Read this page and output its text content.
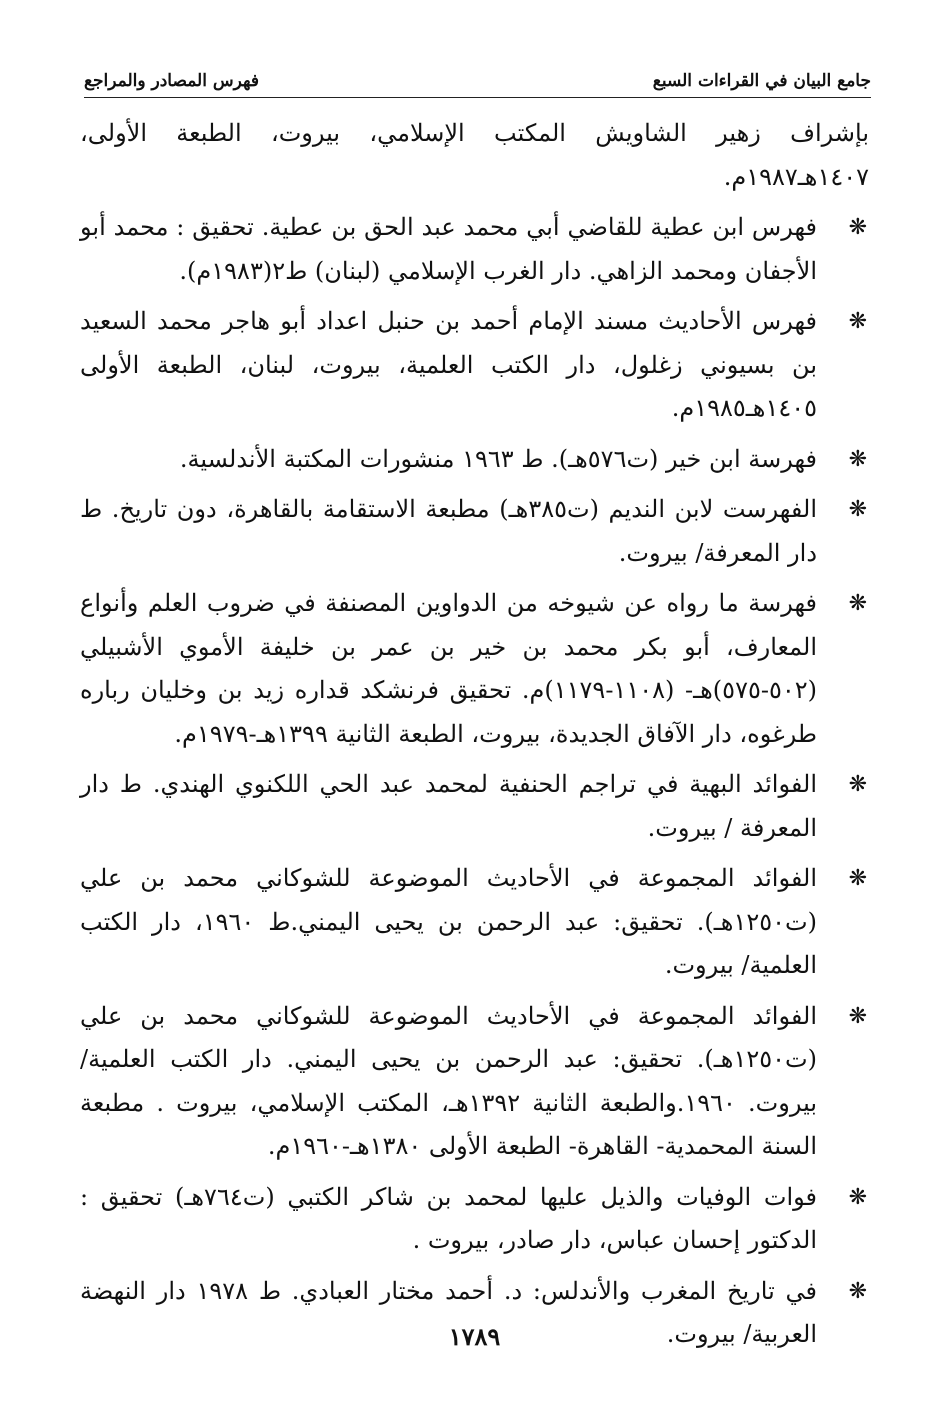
جامع البيان في القراءات السبع
فهرس المصادر والمراجع
بإشراف زهير الشاويش المكتب الإسلامي، بيروت، الطبعة الأولى، ١٤٠٧هـ١٩٨٧م.
❋
فهرس ابن عطية للقاضي أبي محمد عبد الحق بن عطية. تحقيق : محمد أبو الأجفان ومحمد الزاهي. دار الغرب الإسلامي (لبنان) ط٢(١٩٨٣م).
❋
فهرس الأحاديث مسند الإمام أحمد بن حنبل اعداد أبو هاجر محمد السعيد بن بسيوني زغلول، دار الكتب العلمية، بيروت، لبنان، الطبعة الأولى ١٤٠٥هـ١٩٨٥م.
❋
فهرسة ابن خير (ت٥٧٦هـ). ط ١٩٦٣ منشورات المكتبة الأندلسية.
❋
الفهرست لابن النديم (ت٣٨٥هـ) مطبعة الاستقامة بالقاهرة، دون تاريخ. ط دار المعرفة/ بيروت.
❋
فهرسة ما رواه عن شيوخه من الدواوين المصنفة في ضروب العلم وأنواع المعارف، أبو بكر محمد بن خير بن عمر بن خليفة الأموي الأشبيلي (٥٠٢-٥٧٥)هـ- (١١٠٨-١١٧٩)م. تحقيق فرنشكد قداره زيد بن وخليان رباره طرغوه، دار الآفاق الجديدة، بيروت، الطبعة الثانية ١٣٩٩هـ-١٩٧٩م.
❋
الفوائد البهية في تراجم الحنفية لمحمد عبد الحي اللكنوي الهندي. ط دار المعرفة / بيروت.
❋
الفوائد المجموعة في الأحاديث الموضوعة للشوكاني محمد بن علي (ت١٢٥٠هـ). تحقيق: عبد الرحمن بن يحيى اليمني.ط ١٩٦٠، دار الكتب العلمية/ بيروت.
❋
الفوائد المجموعة في الأحاديث الموضوعة للشوكاني محمد بن علي (ت١٢٥٠هـ). تحقيق: عبد الرحمن بن يحيى اليمني. دار الكتب العلمية/ بيروت. ١٩٦٠.والطبعة الثانية ١٣٩٢هـ، المكتب الإسلامي، بيروت . مطبعة السنة المحمدية- القاهرة- الطبعة الأولى ١٣٨٠هـ-١٩٦٠م.
❋
فوات الوفيات والذيل عليها لمحمد بن شاكر الكتبي (ت٧٦٤هـ) تحقيق : الدكتور إحسان عباس، دار صادر، بيروت .
❋
في تاريخ المغرب والأندلس: د. أحمد مختار العبادي. ط ١٩٧٨ دار النهضة العربية/ بيروت.
١٧٨٩
